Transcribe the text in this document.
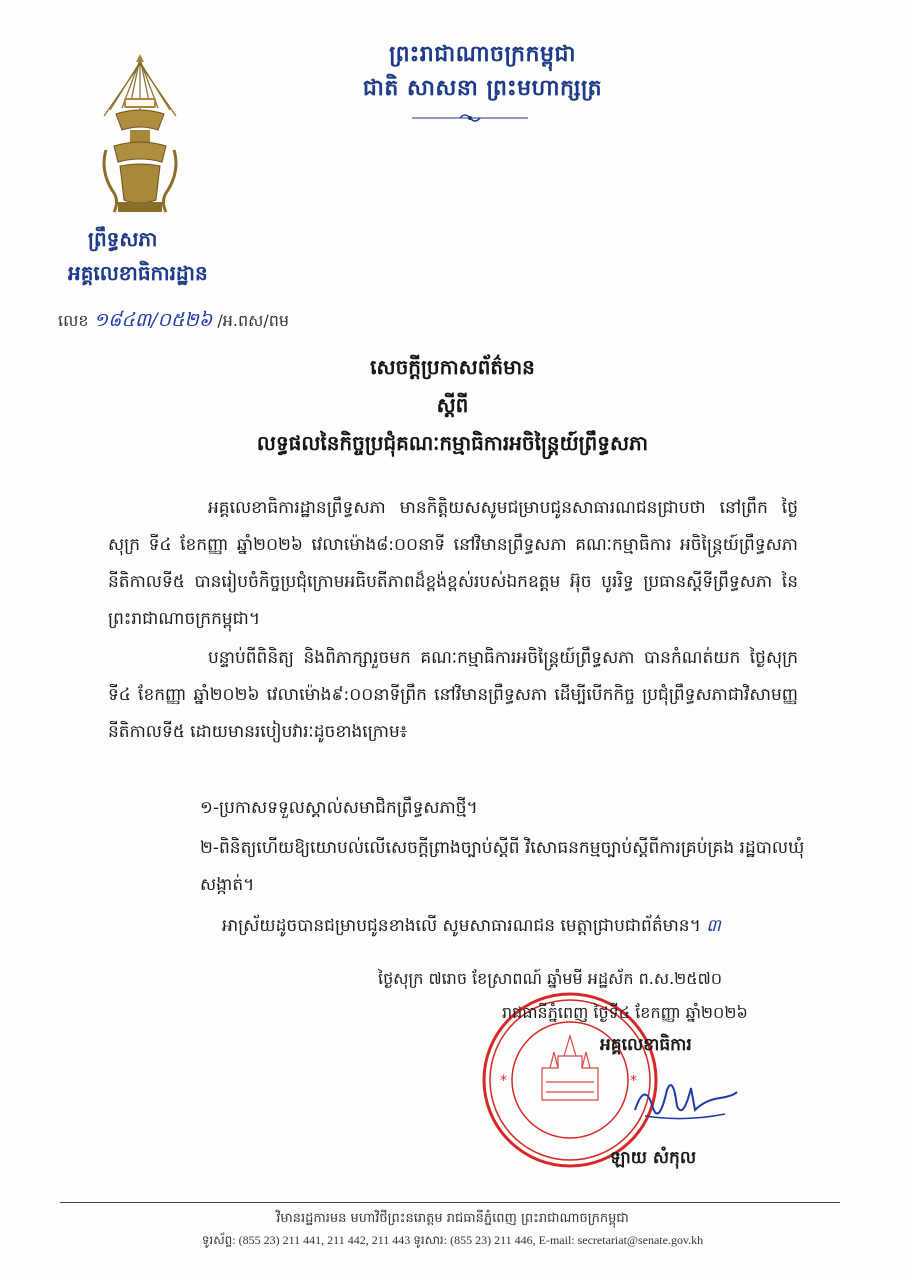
ព្រះរាជាណាចក្រកម្ពុជា
ជាតិ សាសនា ព្រះមហាក្សត្រ
ព្រឹទ្ធសភា
អគ្គលេខាធិការដ្ឋាន
លេខ ១៨៤៣/០៥២៦ /អ.ពស/ពម
សេចក្តីប្រកាសព័ត៌មាន
ស្តីពី
លទ្ធផលនៃកិច្ចប្រជុំគណៈកម្មាធិការអចិន្ត្រៃយ៍ព្រឹទ្ធសភា
អគ្គលេខាធិការដ្ឋានព្រឹទ្ធសភា មានកិត្តិយសសូមជម្រាបជូនសាធារណជនជ្រាបថា នៅព្រឹក ថ្ងៃសុក្រ ទី៤ ខែកញ្ញា ឆ្នាំ២០២៦ វេលាម៉ោង៨:០០នាទី នៅវិមានព្រឹទ្ធសភា គណៈកម្មាធិការ អចិន្ត្រៃយ៍ព្រឹទ្ធសភា នីតិកាលទី៥ បានរៀបចំកិច្ចប្រជុំក្រោមអធិបតីភាពដ៏ខ្ពង់ខ្ពស់របស់ឯកឧត្តម អ៊ុច បូររិទ្ធ ប្រធានស្តីទីព្រឹទ្ធសភា នៃព្រះរាជាណាចក្រកម្ពុជា។
បន្ទាប់ពីពិនិត្យ និងពិភាក្សារួចមក គណៈកម្មាធិការអចិន្ត្រៃយ៍ព្រឹទ្ធសភា បានកំណត់យក ថ្ងៃសុក្រ ទី៤ ខែកញ្ញា ឆ្នាំ២០២៦ វេលាម៉ោង៩:០០នាទីព្រឹក នៅវិមានព្រឹទ្ធសភា ដើម្បីបើកកិច្ច ប្រជុំព្រឹទ្ធសភាជាវិសាមញ្ញ នីតិកាលទី៥ ដោយមានរបៀបវារៈដូចខាងក្រោម៖
១-ប្រកាសទទួលស្គាល់សមាជិកព្រឹទ្ធសភាថ្មី។
២-ពិនិត្យហើយឱ្យយោបល់លើសេចក្តីព្រាងច្បាប់ស្តីពី វិសោធនកម្មច្បាប់ស្តីពីការគ្រប់គ្រង រដ្ឋបាលឃុំ សង្កាត់។
អាស្រ័យដូចបានជម្រាបជូនខាងលើ សូមសាធារណជន មេត្តាជ្រាបជាព័ត៌មាន។ ៣
*	*
ថ្ងៃសុក្រ ៧រោច ខែស្រាពណ៍ ឆ្នាំមមី អដ្ឋស័ក ព.ស.២៥៧០
រាជធានីភ្នំពេញ ថ្ងៃទី៤ ខែកញ្ញា ឆ្នាំ២០២៦
អគ្គលេខាធិការ
ឡាយ សំកុល
វិមានរដ្ឋការមន មហាវិថីព្រះនរោត្តម រាជធានីភ្នំពេញ ព្រះរាជាណាចក្រកម្ពុជា
ទូរស័ព្ទ: (855 23) 211 441, 211 442, 211 443 ទូរសារ: (855 23) 211 446, E-mail: secretariat@senate.gov.kh
